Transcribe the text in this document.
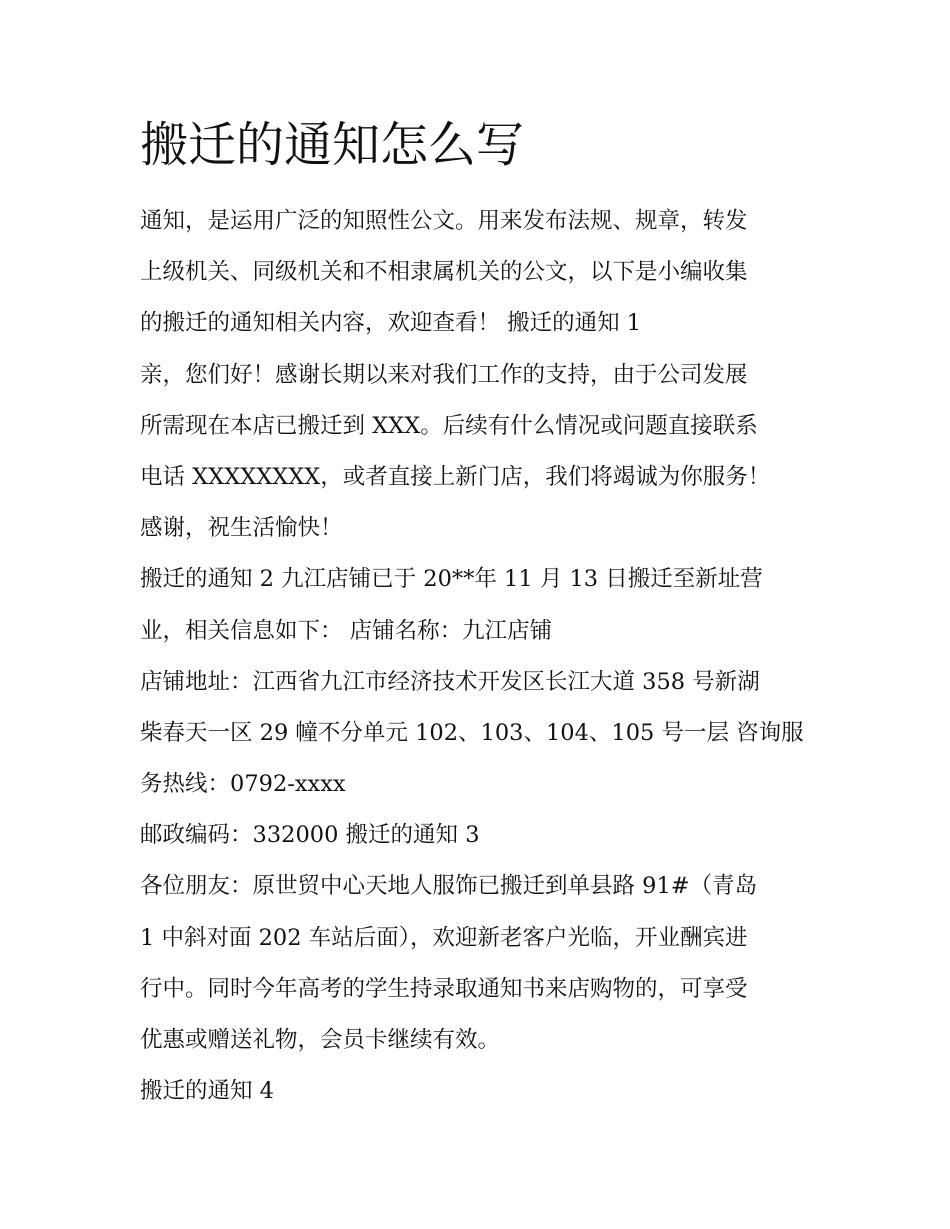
搬迁的通知怎么写
通知，是运用广泛的知照性公文。用来发布法规、规章，转发
上级机关、同级机关和不相隶属机关的公文，以下是小编收集
的搬迁的通知相关内容，欢迎查看！ 搬迁的通知 1
亲，您们好！感谢长期以来对我们工作的支持，由于公司发展
所需现在本店已搬迁到 XXX。后续有什么情况或问题直接联系
电话 XXXXXXXX，或者直接上新门店，我们将竭诚为你服务！
感谢，祝生活愉快！
搬迁的通知 2 九江店铺已于 20**年 11 月 13 日搬迁至新址营
业，相关信息如下： 店铺名称：九江店铺
店铺地址：江西省九江市经济技术开发区长江大道 358 号新湖
柴春天一区 29 幢不分单元 102、103、104、105 号一层 咨询服
务热线：0792-xxxx
邮政编码：332000 搬迁的通知 3
各位朋友：原世贸中心天地人服饰已搬迁到单县路 91#（青岛
1 中斜对面 202 车站后面），欢迎新老客户光临，开业酬宾进
行中。同时今年高考的学生持录取通知书来店购物的，可享受
优惠或赠送礼物，会员卡继续有效。
搬迁的通知 4
